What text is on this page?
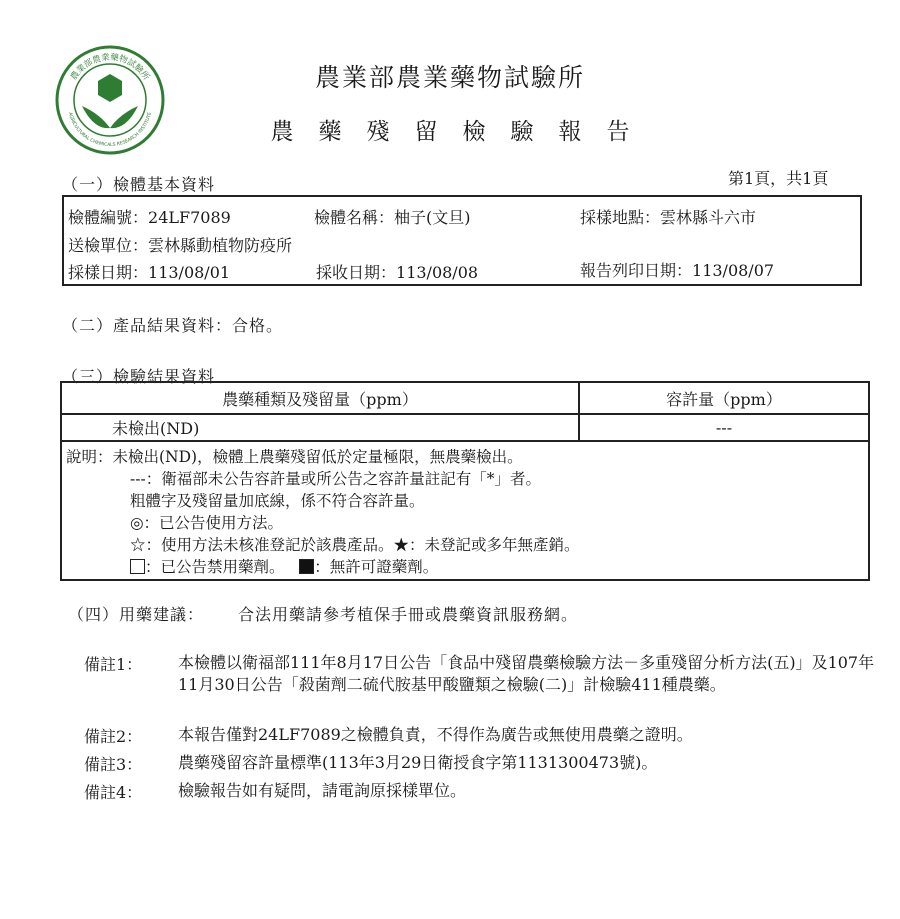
農業部農業藥物試驗所
AGRICULTURAL CHEMICALS RESEARCH INSTITUTE
農業部農業藥物試驗所
農藥殘留檢驗報告
（一）檢體基本資料	第1頁，共1頁
檢體編號：24LF7089	檢體名稱：柚子(文旦)	採樣地點：雲林縣斗六市
送檢單位：雲林縣動植物防疫所
採樣日期：113/08/01	採收日期：113/08/08	報告列印日期：113/08/07
（二）產品結果資料：合格。
（三）檢驗結果資料
農藥種類及殘留量（ppm）	容許量（ppm）
未檢出(ND)	---

說明：未檢出(ND)，檢體上農藥殘留低於定量極限，無農藥檢出。
---：衛福部未公告容許量或所公告之容許量註記有「*」者。
粗體字及殘留量加底線，係不符合容許量。
◎：已公告使用方法。
☆：使用方法未核准登記於該農產品。★：未登記或多年無產銷。
：已公告禁用藥劑。 ：無許可證藥劑。
（四）用藥建議： 合法用藥請參考植保手冊或農藥資訊服務網。
備註1： 本檢體以衛福部111年8月17日公告「食品中殘留農藥檢驗方法－多重殘留分析方法(五)」及107年11月30日公告「殺菌劑二硫代胺基甲酸鹽類之檢驗(二)」計檢驗411種農藥。
備註2： 本報告僅對24LF7089之檢體負責，不得作為廣告或無使用農藥之證明。
備註3： 農藥殘留容許量標準(113年3月29日衛授食字第1131300473號)。
備註4： 檢驗報告如有疑問，請電詢原採樣單位。
